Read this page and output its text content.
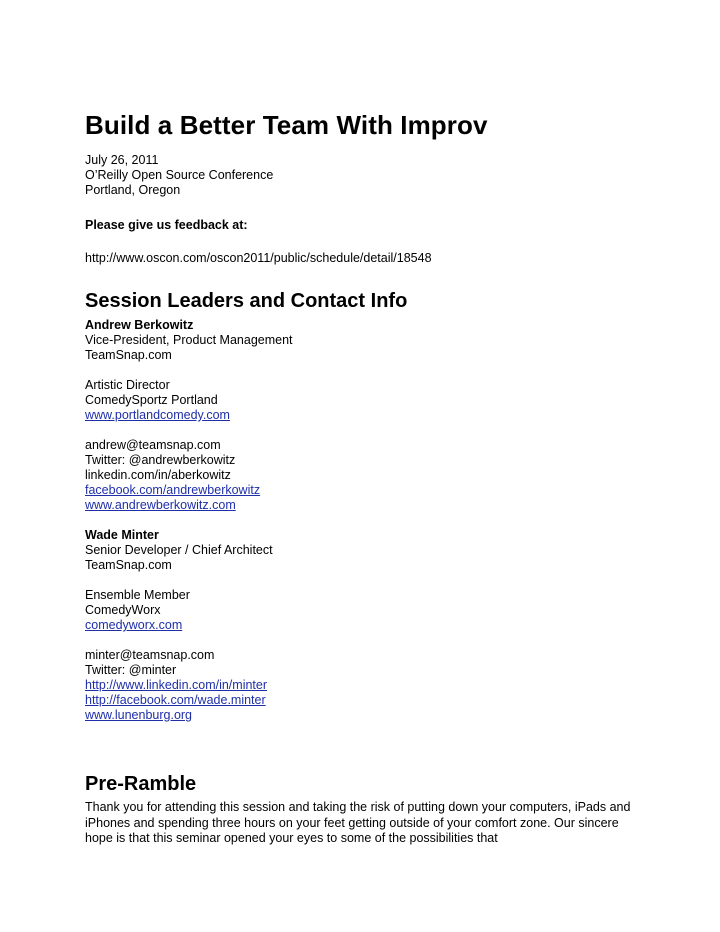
Build a Better Team With Improv
July 26, 2011
O’Reilly Open Source Conference
Portland, Oregon
Please give us feedback at:
http://www.oscon.com/oscon2011/public/schedule/detail/18548
Session Leaders and Contact Info
Andrew Berkowitz
Vice-President, Product Management
TeamSnap.com
Artistic Director
ComedySportz Portland
www.portlandcomedy.com
andrew@teamsnap.com
Twitter: @andrewberkowitz
linkedin.com/in/aberkowitz
facebook.com/andrewberkowitz
www.andrewberkowitz.com
Wade Minter
Senior Developer / Chief Architect
TeamSnap.com
Ensemble Member
ComedyWorx
comedyworx.com
minter@teamsnap.com
Twitter: @minter
http://www.linkedin.com/in/minter
http://facebook.com/wade.minter
www.lunenburg.org
Pre-Ramble

Thank you for attending this session and taking the risk of putting down your computers, iPads and iPhones and spending three hours on your feet getting outside of your comfort zone. Our sincere hope is that this seminar opened your eyes to some of the possibilities that
